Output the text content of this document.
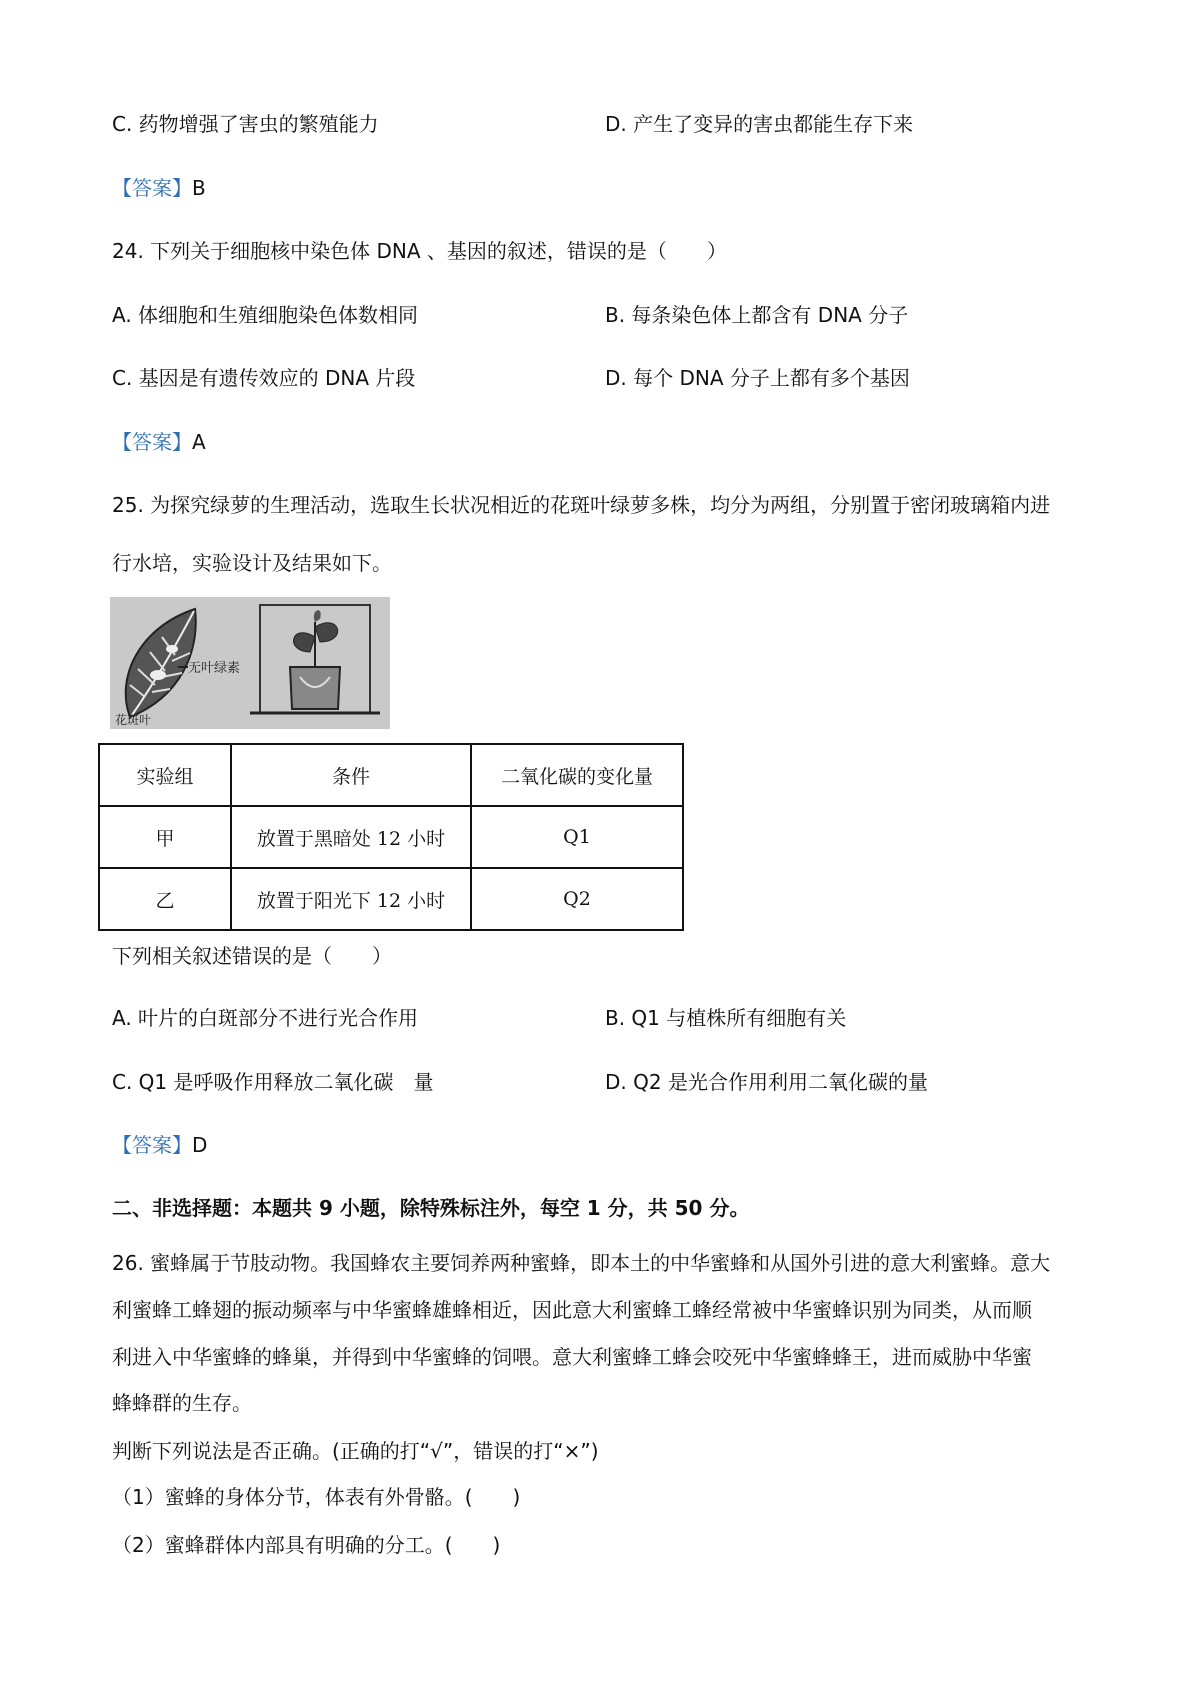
C. 药物增强了害虫的繁殖能力	D. 产生了变异的害虫都能生存下来
【答案】B
24. 下列关于细胞核中染色体 DNA 、基因的叙述，错误的是（　　）
A. 体细胞和生殖细胞染色体数相同	B. 每条染色体上都含有 DNA 分子
C. 基因是有遗传效应的 DNA 片段	D. 每个 DNA 分子上都有多个基因
【答案】A
25. 为探究绿萝的生理活动，选取生长状况相近的花斑叶绿萝多株，均分为两组，分别置于密闭玻璃箱内进
行水培，实验设计及结果如下。
无叶绿素
花斑叶
实验组	条件	二氧化碳的变化量
甲	放置于黑暗处 12 小时	Q1
乙	放置于阳光下 12 小时	Q2
下列相关叙述错误的是（　　）
A. 叶片的白斑部分不进行光合作用	B. Q1 与植株所有细胞有关
C. Q1 是呼吸作用释放二氧化碳　量	D. Q2 是光合作用利用二氧化碳的量
【答案】D
二、非选择题：本题共 9 小题，除特殊标注外，每空 1 分，共 50 分。
26. 蜜蜂属于节肢动物。我国蜂农主要饲养两种蜜蜂，即本土的中华蜜蜂和从国外引进的意大利蜜蜂。意大
利蜜蜂工蜂翅的振动频率与中华蜜蜂雄蜂相近，因此意大利蜜蜂工蜂经常被中华蜜蜂识别为同类，从而顺
利进入中华蜜蜂的蜂巢，并得到中华蜜蜂的饲喂。意大利蜜蜂工蜂会咬死中华蜜蜂蜂王，进而威胁中华蜜
蜂蜂群的生存。
判断下列说法是否正确。(正确的打“√”，错误的打“×”)
（1）蜜蜂的身体分节，体表有外骨骼。(　　)
（2）蜜蜂群体内部具有明确的分工。(　　)
